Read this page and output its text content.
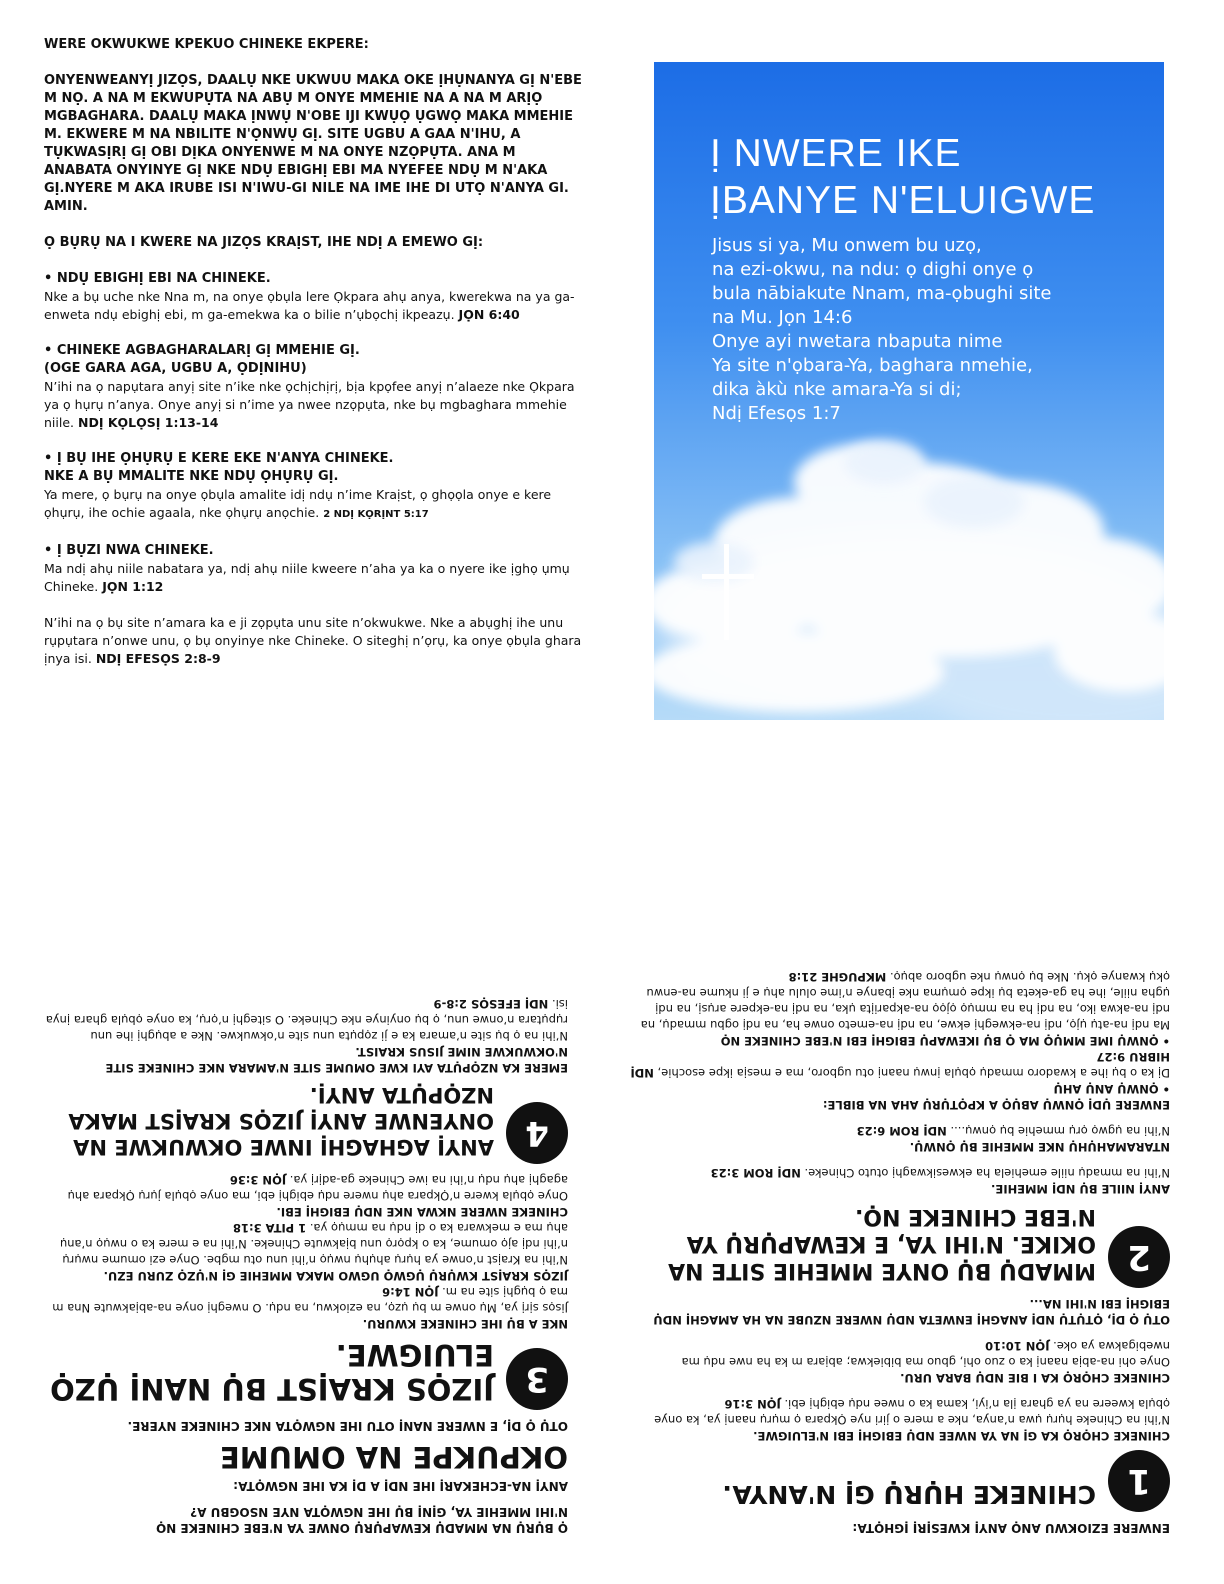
WERE OKWUKWE KPEKUO CHINEKE EKPERE:

ONYENWEANYỊ JIZỌS, DAALỤ NKE UKWUU MAKA OKE ỊHỤNANYA GỊ N'EBE M NỌ. A NA M EKWUPỤTA NA ABỤ M ONYE MMEHIE NA A NA M ARỊỌ MGBAGHARA. DAALỤ MAKA ỊNWỤ N'OBE IJI KWỤỌ ỤGWỌ MAKA MMEHIE M. EKWERE M NA NBILITE N'ỌNWỤ GỊ. SITE UGBU A GAA N'IHU, A TỤKWASỊRỊ GỊ OBI DỊKA ONYENWE M NA ONYE NZỌPỤTA. ANA M ANABATA ONYINYE GỊ NKE NDỤ EBIGHỊ EBI MA NYEFEE NDỤ M N'AKA GỊ.NYERE M AKA IRUBE ISI N'IWU-GI NILE NA IME IHE DI UTỌ N'ANYA GI. AMIN.

Ọ BỤRỤ NA I KWERE NA JIZỌS KRAỊST, IHE NDỊ A EMEWO GỊ:

• NDỤ EBIGHỊ EBI NA CHINEKE.

Nke a bụ uche nke Nna m, na onye ọbụla lere Ọkpara ahụ anya, kwerekwa na ya ga-enweta ndụ ebighị ebi, m ga-emekwa ka o bilie n’ụbọchị ikpeazụ. JỌN 6:40

• CHINEKE AGBAGHARALARỊ GỊ MMEHIE GỊ.

(OGE GARA AGA, UGBU A, ỌDỊNIHU)

N’ihi na ọ napụtara anyị site n’ike nke ọchịchịrị, bịa kpọfee anyị n’alaeze nke Ọkpara ya ọ hụrụ n’anya. Onye anyị si n’ime ya nwee nzọpụta, nke bụ mgbaghara mmehie niile. NDỊ KỌLỌSỊ 1:13-14

• Ị BỤ IHE ỌHỤRỤ E KERE EKE N'ANYA CHINEKE.

NKE A BỤ MMALITE NKE NDỤ ỌHỤRỤ GỊ.

Ya mere, ọ bụrụ na onye ọbụla amalite idị ndụ n’ime Kraịst, ọ ghọọla onye e kere ọhụrụ, ihe ochie agaala, nke ọhụrụ anọchie. 2 NDỊ KỌRỊNT 5:17

• Ị BỤZI NWA CHINEKE.

Ma ndị ahụ niile nabatara ya, ndị ahụ niile kweere n’aha ya ka o nyere ike ịghọ ụmụ Chineke. JỌN 1:12

N’ihi na ọ bụ site n’amara ka e ji zọpụta unu site n’okwukwe. Nke a abụghị ihe unu rụpụtara n’onwe unu, ọ bụ onyinye nke Chineke. O siteghị n’ọrụ, ka onye ọbụla ghara ịnya isi. NDỊ EFESỌS 2:8-9

Ị NWERE IKE
ỊBANYE N'ELUIGWE

Jisus si ya, Mu onwem bu uzọ,
na ezi-okwu, na ndu: ọ dighi onye ọ
bula nābiakute Nnam, ma-ọbughi site
na Mu. Jọn 14:6
Onye ayi nwetara nbaputa nime
Ya site n'ọbara-Ya, baghara nmehie,
dika àkù nke amara-Ya si di;
Ndị Efesọs 1:7

ENWERE EZIOKWU ANỌ ANYỊ KWESỊRỊ ỊGHỌTA:

1

CHINEKE HỤRỤ GỊ N'ANYA.

CHINEKE CHỌRỌ KA GỊ NA YA NWEE NDỤ EBIGHỊ EBI N'ELUIGWE.

N’ihi na Chineke hụrụ ụwa n’anya, nke a mere o jiri nye Ọkpara ọ mụrụ naanị ya, ka onye ọbụla kweere na ya ghara ịla n’iyi, kama ka o nwee ndụ ebighị ebi. JỌN 3:16

CHINEKE CHỌRỌ KA I BIE NDỤ BARA URU.

Onye ohi na-abịa naanị ka o zuo ohi, gbuo ma bibiekwa; abịara m ka ha nwe ndụ ma nwebigakwa ya oke. JỌN 10:10

OTỤ Ọ DỊ, ỌTỤTỤ NDỊ ANAGHỊ ENWETA NDỤ NWERE NZUBE NA HA AMAGHỊ NDỤ EBIGHỊ EBI N'IHI NA...

2

MMADỤ BỤ ONYE MMEHIE SITE NA OKIKE. N'IHI YA, E KEWAPỤRỤ YA N'EBE CHINEKE NỌ.

ANYỊ NIILE BỤ NDỊ MMEHIE.

N’ihi na mmadụ niile emehiela ha ekwesikwaghị otuto Chineke. NDỊ ROM 3:23

NTARAMAHỤHỤ NKE MMEHIE BỤ ỌNWỤ.

N’ihi na ụgwọ ọrụ mmehie bụ ọnwụ.... NDỊ ROM 6:23

ENWERE ỤDỊ ỌNWỤ ABỤỌ A KPỌTỤRỤ AHA NA BIBLE:

• ỌNWỤ ANỤ AHỤ

Dị ka o bụ ihe a kwadoro mmadụ ọbụla ịnwụ naanị otu ugboro, ma e mesịa ikpe esochie, NDỊ HIBRU 9:27

• ỌNWỤ IME MMỤỌ MA Ọ BỤ IKEWAPỤ EBIGHỊ EBI N'EBE CHINEKE NỌ

Ma ndị na-atụ ụjọ, ndị na-ekweghị ekwe, na ndị na-emeto onwe ha, na ndị ogbu mmadụ, na ndị na-akwa iko, na ndị ha na mmụọ ọjọọ na-akpariịta ụka, na ndị na-ekpere arụsị, na ndị ụgha niile, ihe ha ga-eketa bụ ikpe ọmụma nke ịbanye n’ime olulu ahụ e ji nkume na-enwu ọkụ kwanye ọkụ. Nke bụ ọnwụ nke ugboro abụọ. MKPUGHE 21:8

Ọ BỤRỤ NA MMADỤ KEWAPỤRỤ ONWE YA N'EBE CHINEKE NỌ

N'IHI MMEHIE YA, GỊNỊ BỤ IHE NGWỌTA NYE NSOGBU A?

ANYỊ NA-ECHEKARỊ IHE NDỊ A DỊ KA IHE NGWỌTA:

OKPUKPE NA OMUME

OTỤ Ọ DỊ, E NWERE NANỊ OTU IHE NGWỌTA NKE CHINEKE NYERE.

3

JIZỌS KRAỊST BỤ NANỊ ỤZỌ ELUIGWE.

NKE A BỤ IHE CHINEKE KWURU.

Jisọs sịrị ya, Mụ onwe m bụ ụzọ, na eziokwu, na ndụ. O nweghị onye na-abịakwute Nna m ma ọ bụghị site na m. JỌN 14:6

JIZỌS KRAỊST KWỤRỤ ỤGWỌ UGWO MAKA MMEHIE GỊ N'ỤZỌ ZURU EZU.

N’ihi na Kraịst n’onwe ya hụrụ ahụhụ nwụọ n’ihi unu otu mgbe. Onye ezi omume nwụrụ n’ihi ndị ajọ omume, ka o kpọrọ unu bịakwute Chineke. N’ihi na e mere ka o nwụọ n’anụ ahụ ma e mekwara ka o dị ndụ na mmụọ ya. 1 PITA 3:18

CHINEKE NWERE NKWA NKE NDỤ EBIGHỊ EBI.

Onye ọbụla kwere n’Ọkpara ahụ nwere ndụ ebighị ebi, ma onye ọbụla jụrụ Ọkpara ahụ agaghị ahụ ndụ n’ihi na iwe Chineke ga-adịrị ya. JỌN 3:36

4

ANYỊ AGHAGHỊ INWE OKWUKWE NA ONYENWE ANYỊ JIZỌS KRAỊST MAKA NZỌPỤTA ANYỊ.

EMERE KA NZỌPỤTA AYI KWE OMUME SITE N'AMARA NKE CHINEKE SITE N'OKWUKWE NIME JISUS KRAIST.

N’ihi na ọ bụ site n’amara ka e ji zọpụta unu site n’okwukwe. Nke a abụghị ihe unu rụpụtara n’onwe unu, ọ bụ onyinye nke Chineke. O siteghị n’ọrụ, ka onye ọbụla ghara ịnya isi. NDỊ EFESỌS 2:8-9
